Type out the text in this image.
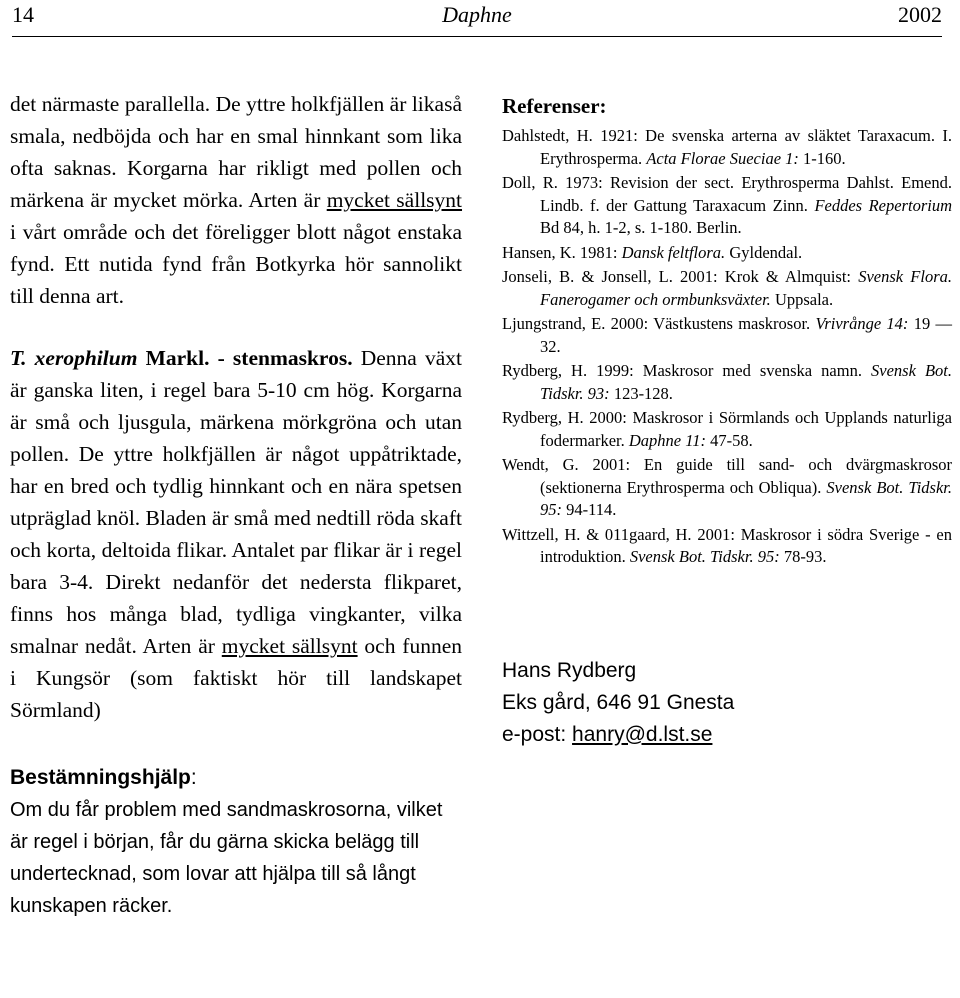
14	Daphne	2002

det närmaste parallella. De yttre holkfjällen är likaså smala, nedböjda och har en smal hinnkant som lika ofta saknas. Korgarna har rikligt med pollen och märkena är mycket mörka. Arten är mycket sällsynt i vårt område och det föreligger blott något enstaka fynd. Ett nutida fynd från Botkyrka hör sannolikt till denna art.

T. xerophilum Markl. - stenmaskros. Denna växt är ganska liten, i regel bara 5-10 cm hög. Korgarna är små och ljusgula, märkena mörkgröna och utan pollen. De yttre holkfjällen är något uppåtriktade, har en bred och tydlig hinnkant och en nära spetsen utpräglad knöl. Bladen är små med nedtill röda skaft och korta, deltoida flikar. Antalet par flikar är i regel bara 3-4. Direkt nedanför det nedersta flikparet, finns hos många blad, tydliga vingkanter, vilka smalnar nedåt. Arten är mycket sällsynt och funnen i Kungsör (som faktiskt hör till landskapet Sörmland)

Bestämningshjälp:

Om du får problem med sandmaskrosorna, vilket är regel i början, får du gärna skicka belägg till undertecknad, som lovar att hjälpa till så långt kunskapen räcker.

Referenser:

Dahlstedt, H. 1921: De svenska arterna av släktet Taraxacum. I. Erythrosperma. Acta Florae Sueciae 1: 1-160.

Doll, R. 1973: Revision der sect. Erythrosperma Dahlst. Emend. Lindb. f. der Gattung Taraxacum Zinn. Feddes Repertorium Bd 84, h. 1-2, s. 1-180. Berlin.

Hansen, K. 1981: Dansk feltflora. Gyldendal.

Jonseli, B. & Jonsell, L. 2001: Krok & Almquist: Svensk Flora. Fanerogamer och ormbunksväxter. Uppsala.

Ljungstrand, E. 2000: Västkustens maskrosor. Vrivrånge 14: 19 — 32.

Rydberg, H. 1999: Maskrosor med svenska namn. Svensk Bot. Tidskr. 93: 123-128.

Rydberg, H. 2000: Maskrosor i Sörmlands och Upplands naturliga fodermarker. Daphne 11: 47-58.

Wendt, G. 2001: En guide till sand- och dvärgmaskrosor (sektionerna Erythrosperma och Obliqua). Svensk Bot. Tidskr. 95: 94-114.

Wittzell, H. & 011gaard, H. 2001: Maskrosor i södra Sverige - en introduktion. Svensk Bot. Tidskr. 95: 78-93.

Hans Rydberg
Eks gård, 646 91 Gnesta
e-post: hanry@d.lst.se
